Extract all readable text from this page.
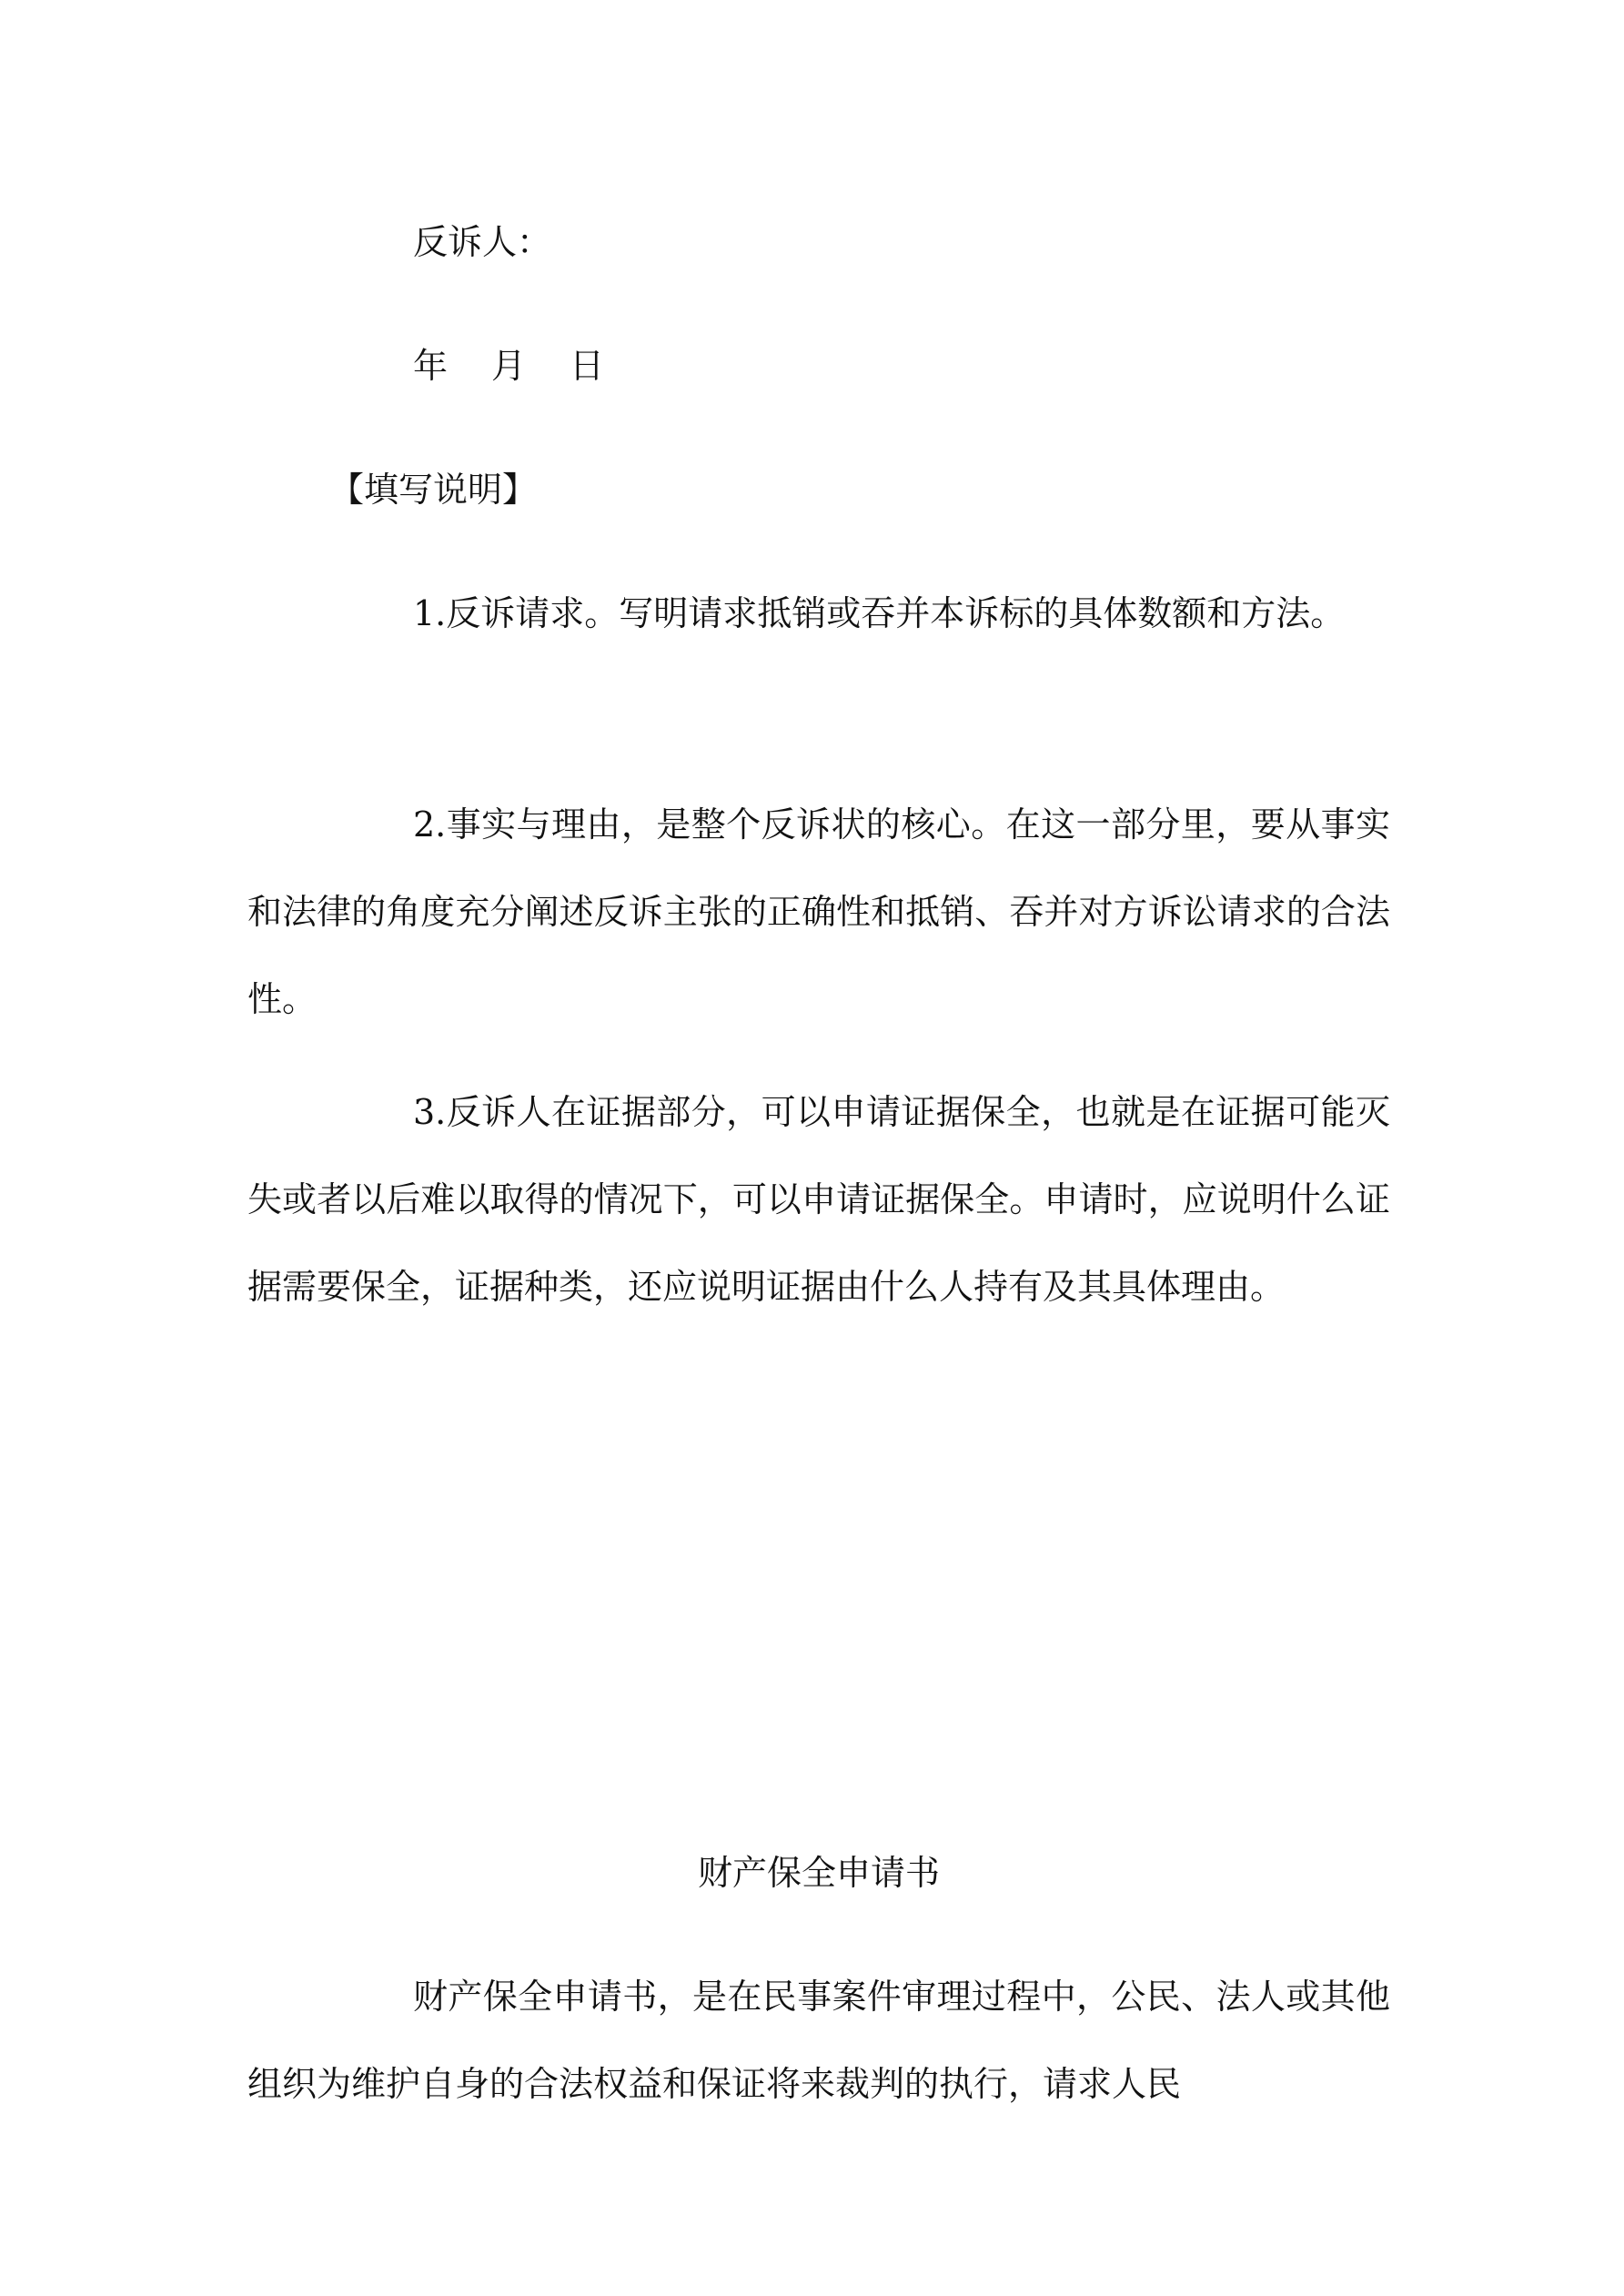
反诉人：

年 月 日

【填写说明】

1.反诉请求。写明请求抵销或吞并本诉标的具体数额和方法。

2.事实与理由，是整个反诉状的核心。在这一部分里，要从事实和法律的角度充分阐述反诉主张的正确性和抵销、吞并对方诉讼请求的合法性。

3.反诉人在证据部分，可以申请证据保全，也就是在证据可能灭失或者以后难以取得的情况下，可以申请证据保全。申请时，应说明什么证据需要保全，证据种类，还应说明证据由什么人持有及其具体理由。

财产保全申请书

财产保全申请书，是在民事案件审理过程中，公民、法人或其他组织为维护自身的合法权益和保证将来裁判的执行，请求人民
